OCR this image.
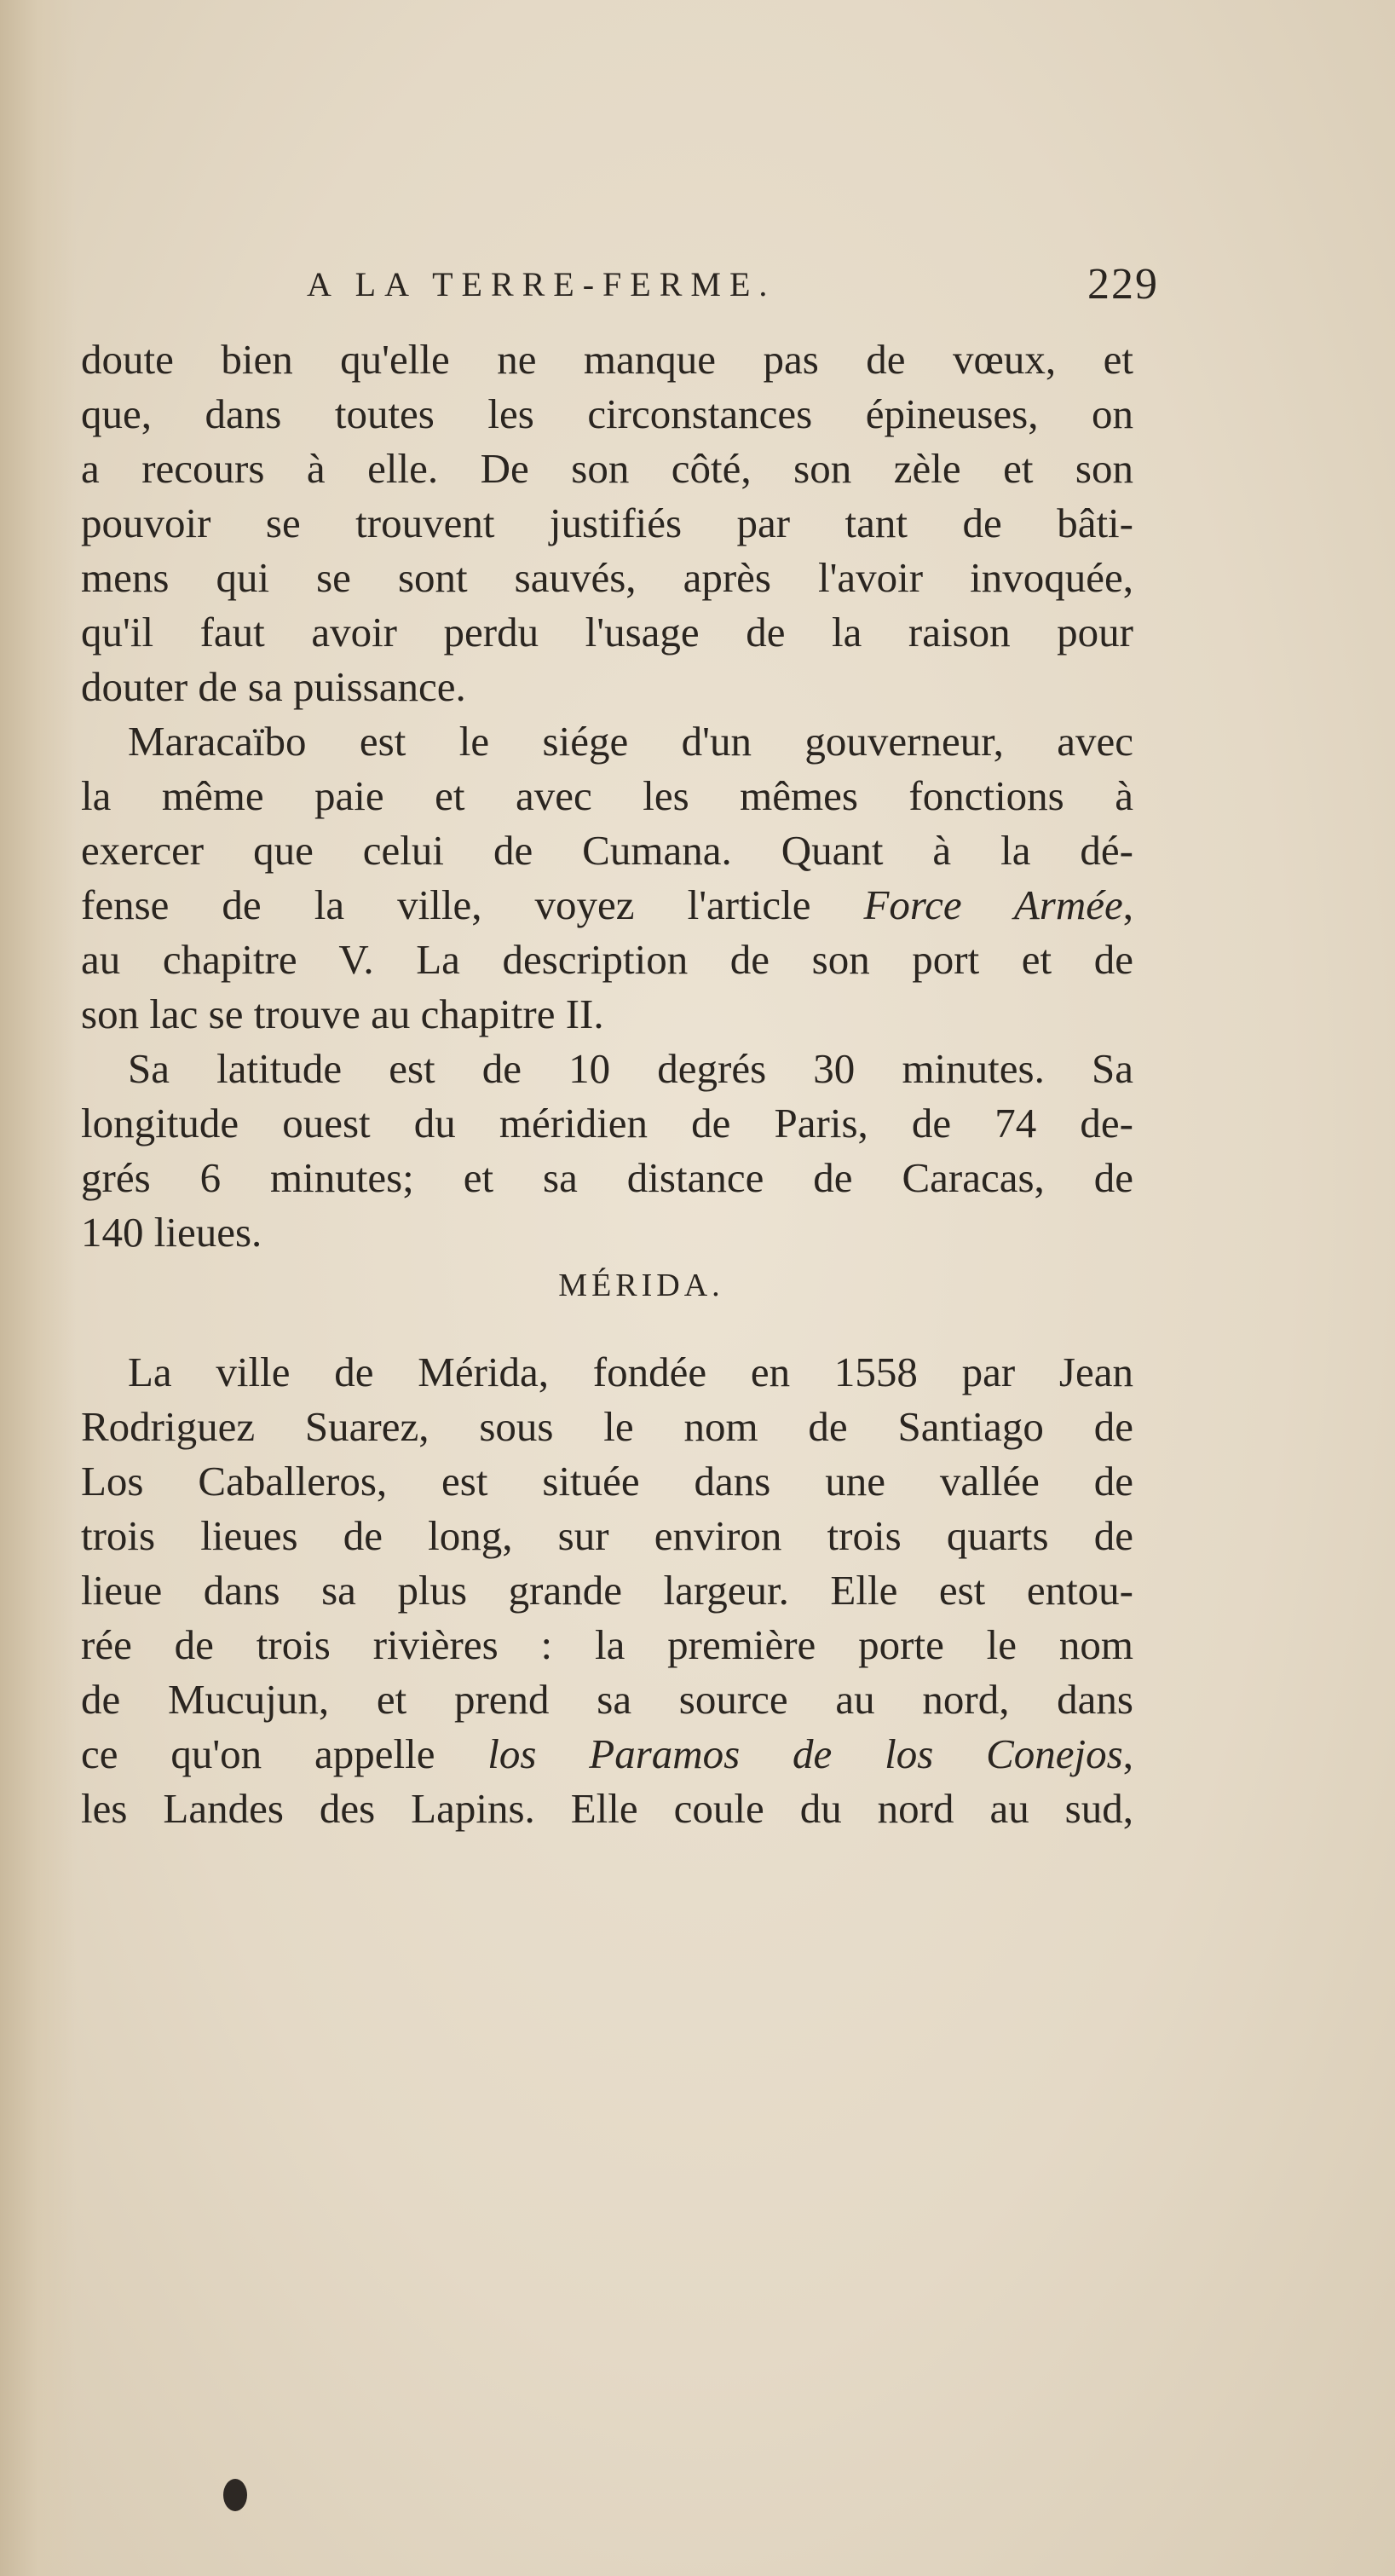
A LA TERRE-FERME.	229
doute bien qu'elle ne manque pas de vœux, et
que, dans toutes les circonstances épineuses, on
a recours à elle. De son côté, son zèle et son
pouvoir se trouvent justifiés par tant de bâti-
mens qui se sont sauvés, après l'avoir invoquée,
qu'il faut avoir perdu l'usage de la raison pour
douter de sa puissance.
Maracaïbo est le siége d'un gouverneur, avec
la même paie et avec les mêmes fonctions à
exercer que celui de Cumana. Quant à la dé-
fense de la ville, voyez l'article Force Armée,
au chapitre V. La description de son port et de
son lac se trouve au chapitre II.
Sa latitude est de 10 degrés 30 minutes. Sa
longitude ouest du méridien de Paris, de 74 de-
grés 6 minutes; et sa distance de Caracas, de
140 lieues.
MÉRIDA.
La ville de Mérida, fondée en 1558 par Jean
Rodriguez Suarez, sous le nom de Santiago de
Los Caballeros, est située dans une vallée de
trois lieues de long, sur environ trois quarts de
lieue dans sa plus grande largeur. Elle est entou-
rée de trois rivières : la première porte le nom
de Mucujun, et prend sa source au nord, dans
ce qu'on appelle los Paramos de los Conejos,
les Landes des Lapins. Elle coule du nord au sud,
